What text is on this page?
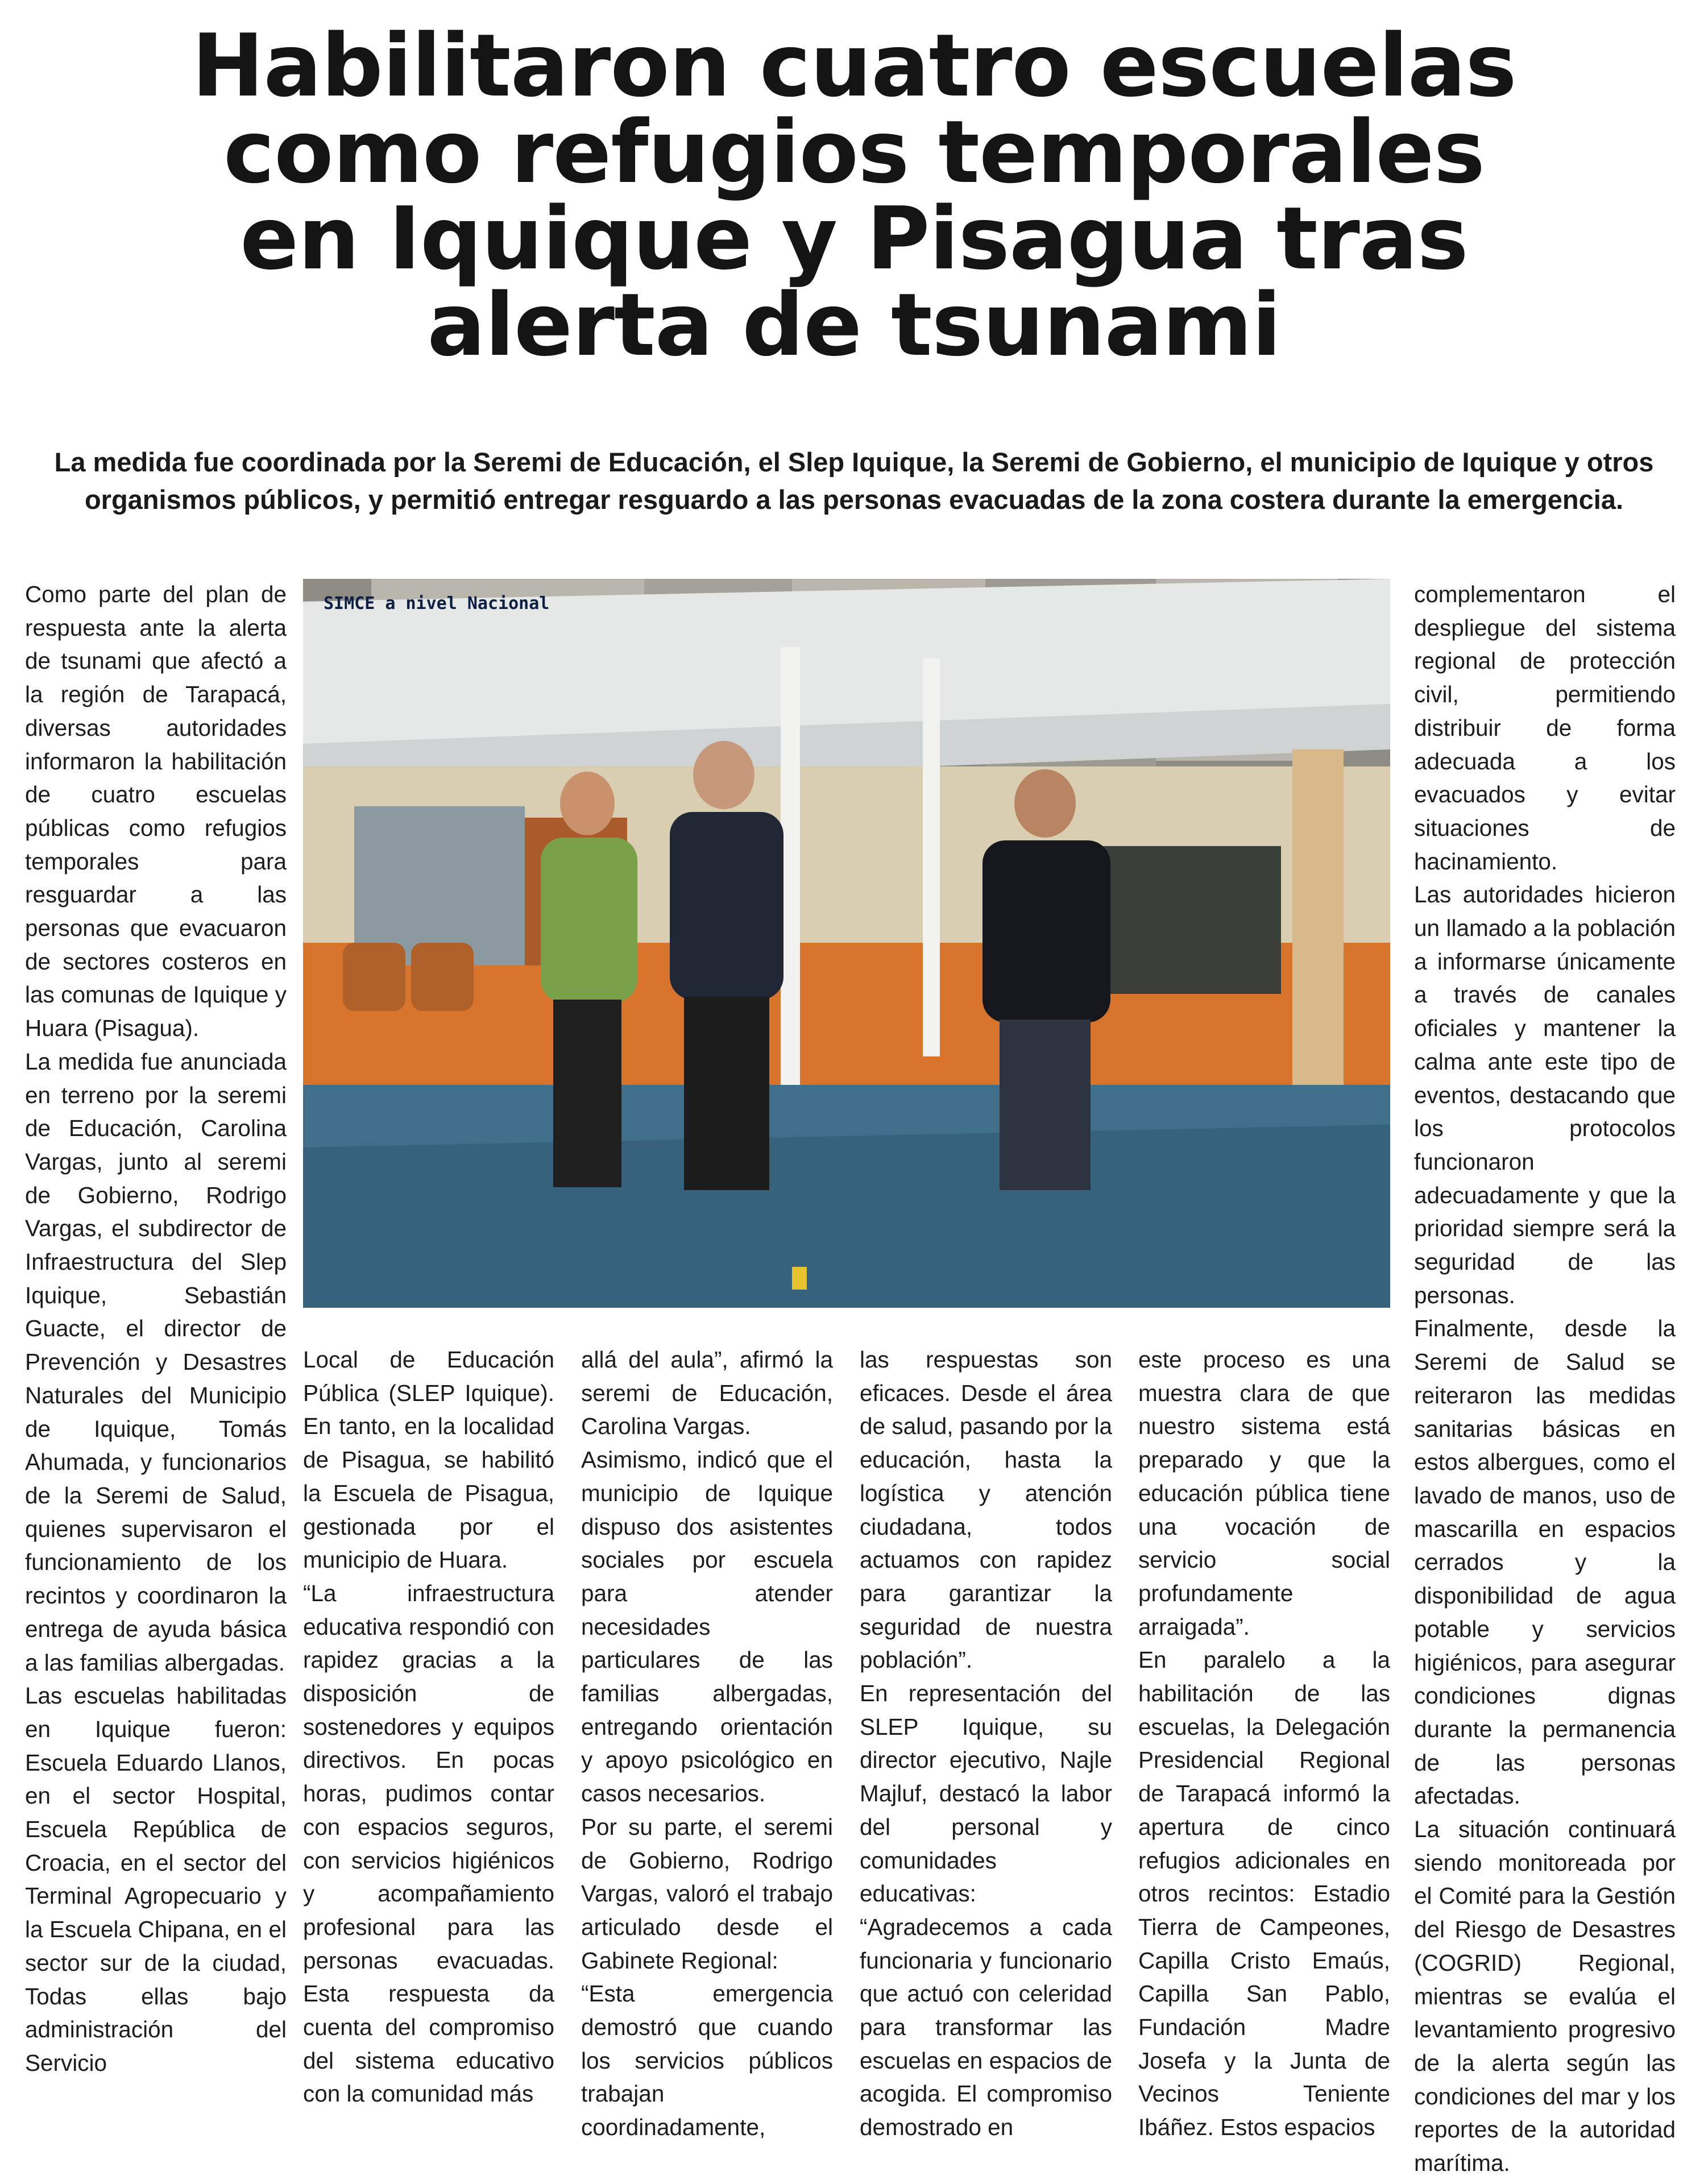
Habilitaron cuatro escuelas
como refugios temporales
en Iquique y Pisagua tras
alerta de tsunami
La medida fue coordinada por la Seremi de Educación, el Slep Iquique, la Seremi de Gobierno, el municipio de Iquique y otros
organismos públicos, y permitió entregar resguardo a las personas evacuadas de la zona costera durante la emergencia.
SIMCE a nivel Nacional

Como parte del plan de respuesta ante la alerta de tsunami que afectó a la región de Tarapacá, diversas autoridades informaron la habilitación de cuatro escuelas públicas como refugios temporales para resguardar a las personas que evacuaron de sectores costeros en las comunas de Iquique y Huara (Pisagua).

La medida fue anunciada en terreno por la seremi de Educación, Carolina Vargas, junto al seremi de Gobierno, Rodrigo Vargas, el subdirector de Infraestructura del Slep Iquique, Sebastián Guacte, el director de Prevención y Desastres Naturales del Municipio de Iquique, Tomás Ahumada, y funcionarios de la Seremi de Salud, quienes supervisaron el funcionamiento de los recintos y coordinaron la entrega de ayuda básica a las familias albergadas.

Las escuelas habilitadas en Iquique fueron: Escuela Eduardo Llanos, en el sector Hospital, Escuela República de Croacia, en el sector del Terminal Agropecuario y la Escuela Chipana, en el sector sur de la ciudad, Todas ellas bajo administración del Servicio

Local de Educación Pública (SLEP Iquique). En tanto, en la localidad de Pisagua, se habilitó la Escuela de Pisagua, gestionada por el municipio de Huara.

“La infraestructura educativa respondió con rapidez gracias a la disposición de sostenedores y equipos directivos. En pocas horas, pudimos contar con espacios seguros, con servicios higiénicos y acompañamiento profesional para las personas evacuadas. Esta respuesta da cuenta del compromiso del sistema educativo con la comunidad más

allá del aula”, afirmó la seremi de Educación, Carolina Vargas.

Asimismo, indicó que el municipio de Iquique dispuso dos asistentes sociales por escuela para atender necesidades particulares de las familias albergadas, entregando orientación y apoyo psicológico en casos necesarios.

Por su parte, el seremi de Gobierno, Rodrigo Vargas, valoró el trabajo articulado desde el Gabinete Regional:

“Esta emergencia demostró que cuando los servicios públicos trabajan coordinadamente,

las respuestas son eficaces. Desde el área de salud, pasando por la educación, hasta la logística y atención ciudadana, todos actuamos con rapidez para garantizar la seguridad de nuestra población”.

En representación del SLEP Iquique, su director ejecutivo, Najle Majluf, destacó la labor del personal y comunidades educativas:

“Agradecemos a cada funcionaria y funcionario que actuó con celeridad para transformar las escuelas en espacios de acogida. El compromiso demostrado en

este proceso es una muestra clara de que nuestro sistema está preparado y que la educación pública tiene una vocación de servicio social profundamente arraigada”.

En paralelo a la habilitación de las escuelas, la Delegación Presidencial Regional de Tarapacá informó la apertura de cinco refugios adicionales en otros recintos: Estadio Tierra de Campeones, Capilla Cristo Emaús, Capilla San Pablo, Fundación Madre Josefa y la Junta de Vecinos Teniente Ibáñez. Estos espacios

complementaron el despliegue del sistema regional de protección civil, permitiendo distribuir de forma adecuada a los evacuados y evitar situaciones de hacinamiento.

Las autoridades hicieron un llamado a la población a informarse únicamente a través de canales oficiales y mantener la calma ante este tipo de eventos, destacando que los protocolos funcionaron adecuadamente y que la prioridad siempre será la seguridad de las personas.

Finalmente, desde la Seremi de Salud se reiteraron las medidas sanitarias básicas en estos albergues, como el lavado de manos, uso de mascarilla en espacios cerrados y la disponibilidad de agua potable y servicios higiénicos, para asegurar condiciones dignas durante la permanencia de las personas afectadas.

La situación continuará siendo monitoreada por el Comité para la Gestión del Riesgo de Desastres (COGRID) Regional, mientras se evalúa el levantamiento progresivo de la alerta según las condiciones del mar y los reportes de la autoridad marítima.
